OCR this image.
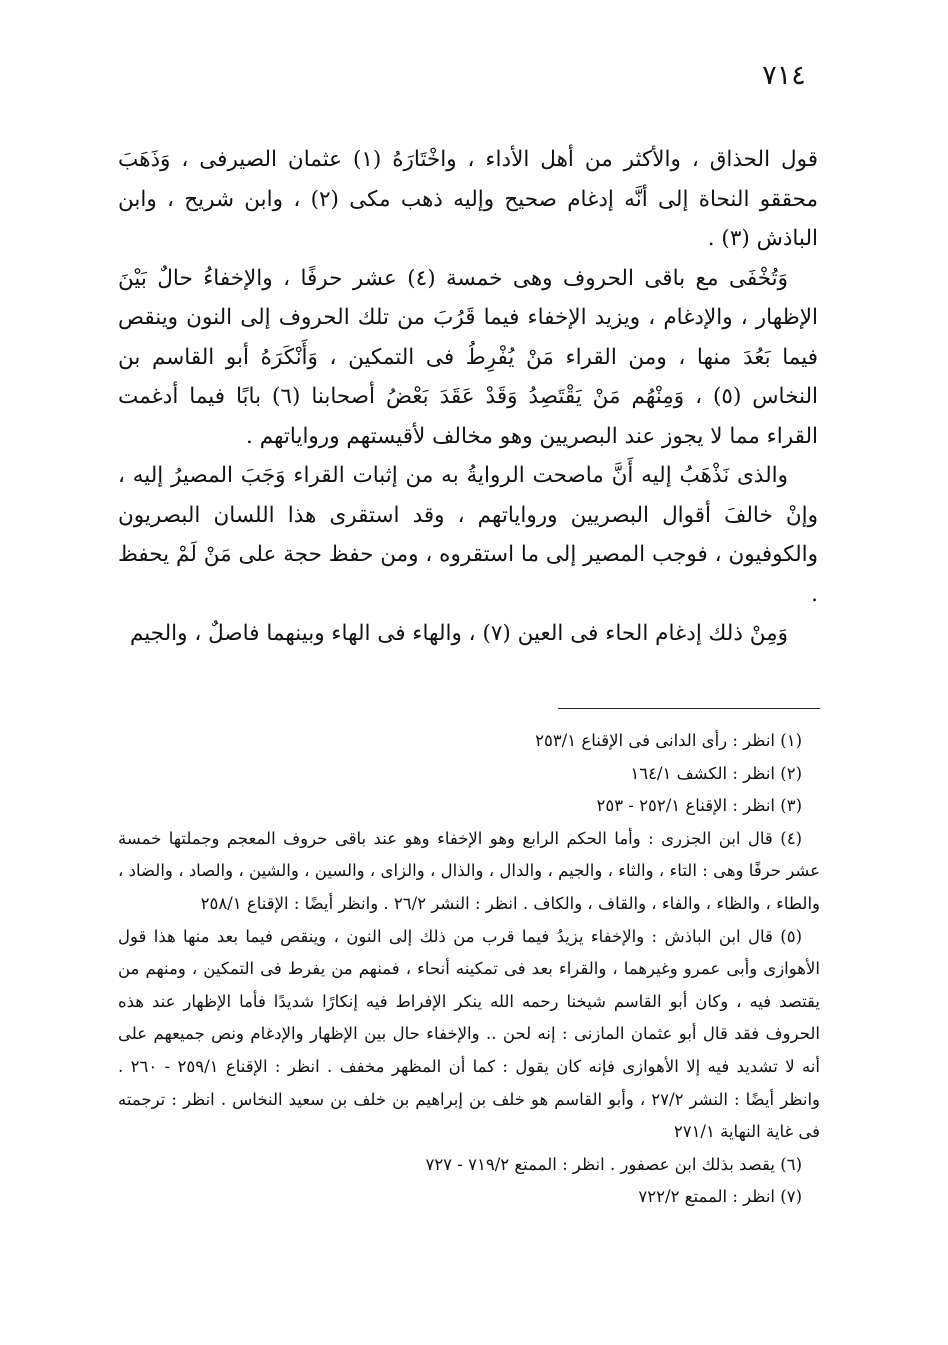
٧١٤

قول الحذاق ، والأكثر من أهل الأداء ، واخْتَارَهُ (١) عثمان الصيرفى ، وَذَهَبَ محققو النحاة إلى أنَّه إدغام صحيح وإليه ذهب مكى (٢) ، وابن شريح ، وابن الباذش (٣) .

وَتُخْفَى مع باقى الحروف وهى خمسة (٤) عشر حرفًا ، والإخفاءُ حالٌ بَيْنَ الإظهار ، والإدغام ، ويزيد الإخفاء فيما قَرُبَ من تلك الحروف إلى النون وينقص فيما بَعُدَ منها ، ومن القراء مَنْ يُفْرِطُ فى التمكين ، وَأَنْكَرَهُ أبو القاسم بن النخاس (٥) ، وَمِنْهُم مَنْ يَقْتَصِدُ وَقَدْ عَقَدَ بَعْضُ أصحابنا (٦) بابًا فيما أدغمت القراء مما لا يجوز عند البصريين وهو مخالف لأقيستهم ورواياتهم .

والذى نَذْهَبُ إليه أَنَّ ماصحت الروايةُ به من إثبات القراء وَجَبَ المصيرُ إليه ، وإنْ خالفَ أقوال البصريين ورواياتهم ، وقد استقرى هذا اللسان البصريون والكوفيون ، فوجب المصير إلى ما استقروه ، ومن حفظ حجة على مَنْ لَمْ يحفظ .

وَمِنْ ذلك إدغام الحاء فى العين (٧) ، والهاء فى الهاء وبينهما فاصلٌ ، والجيم

(١) انظر : رأى الدانى فى الإقناع ٢٥٣/١

(٢) انظر : الكشف ١٦٤/١

(٣) انظر : الإقناع ٢٥٢/١ - ٢٥٣

(٤) قال ابن الجزرى : وأما الحكم الرابع وهو الإخفاء وهو عند باقى حروف المعجم وجملتها خمسة عشر حرفًا وهى : التاء ، والثاء ، والجيم ، والدال ، والذال ، والزاى ، والسين ، والشين ، والصاد ، والضاد ، والطاء ، والظاء ، والفاء ، والقاف ، والكاف . انظر : النشر ٢٦/٢ . وانظر أيضًا : الإقناع ٢٥٨/١

(٥) قال ابن الباذش : والإخفاء يزيدُ فيما قرب من ذلك إلى النون ، وينقص فيما بعد منها هذا قول الأهوازى وأبى عمرو وغيرهما ، والقراء بعد فى تمكينه أنحاء ، فمنهم من يفرط فى التمكين ، ومنهم من يقتصد فيه ، وكان أبو القاسم شيخنا رحمه الله ينكر الإفراط فيه إنكارًا شديدًا فأما الإظهار عند هذه الحروف فقد قال أبو عثمان المازنى : إنه لحن .. والإخفاء حال بين الإظهار والإدغام ونص جميعهم على أنه لا تشديد فيه إلا الأهوازى فإنه كان يقول : كما أن المظهر مخفف . انظر : الإقناع ٢٥٩/١ - ٢٦٠ . وانظر أيضًا : النشر ٢٧/٢ ، وأبو القاسم هو خلف بن إبراهيم بن خلف بن سعيد النخاس . انظر : ترجمته فى غاية النهاية ٢٧١/١

(٦) يقصد بذلك ابن عصفور . انظر : الممتع ٧١٩/٢ - ٧٢٧

(٧) انظر : الممتع ٧٢٢/٢
